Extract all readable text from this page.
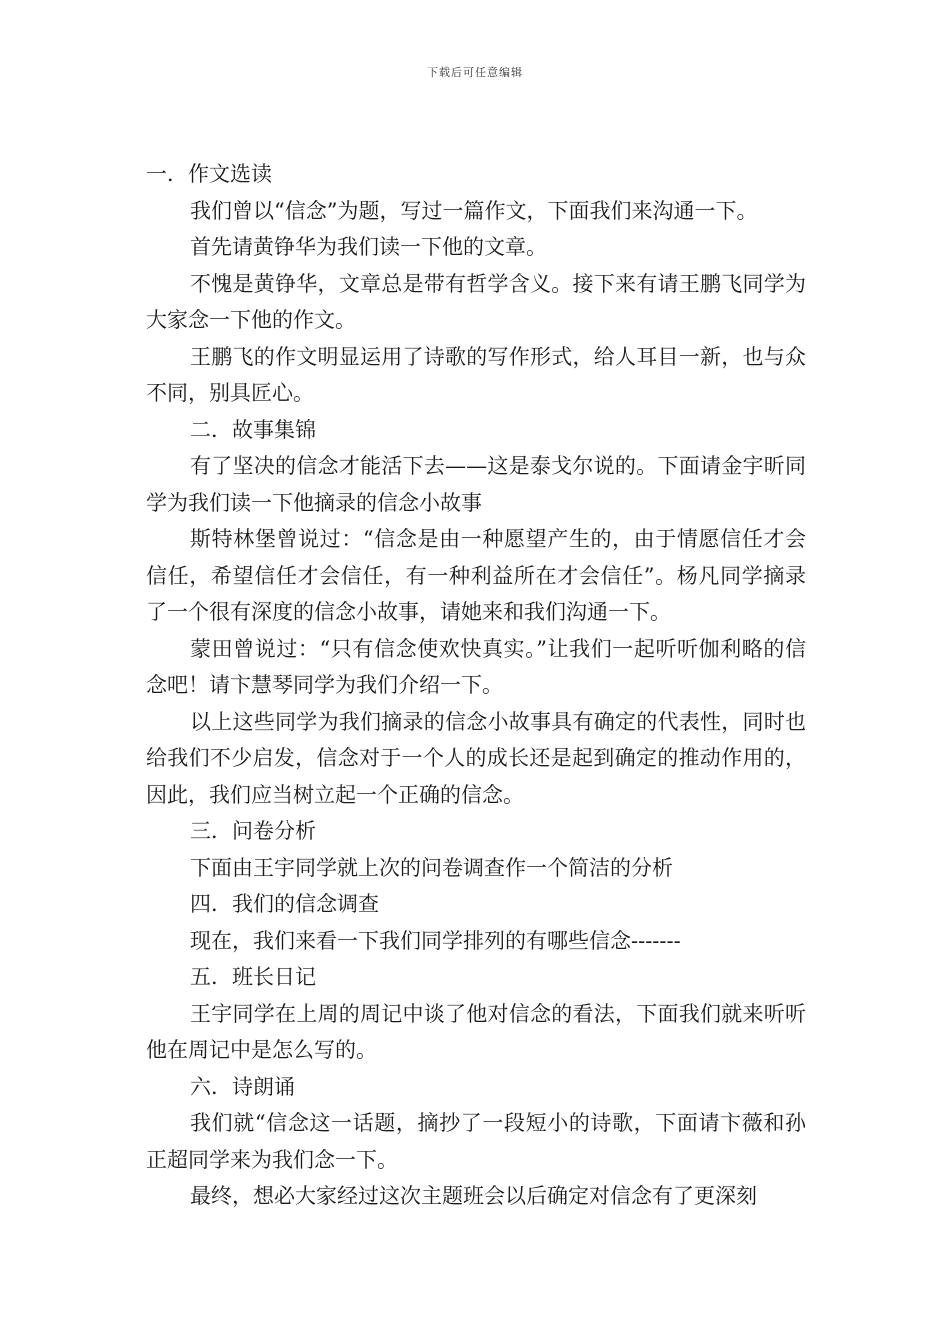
下载后可任意编辑

一．作文选读

我们曾以“信念”为题，写过一篇作文，下面我们来沟通一下。

首先请黄铮华为我们读一下他的文章。

不愧是黄铮华，文章总是带有哲学含义。接下来有请王鹏飞同学为大家念一下他的作文。

王鹏飞的作文明显运用了诗歌的写作形式，给人耳目一新，也与众不同，别具匠心。

二．故事集锦

有了坚决的信念才能活下去——这是泰戈尔说的。下面请金宇昕同学为我们读一下他摘录的信念小故事

斯特林堡曾说过：“信念是由一种愿望产生的，由于情愿信任才会信任，希望信任才会信任，有一种利益所在才会信任”。杨凡同学摘录了一个很有深度的信念小故事，请她来和我们沟通一下。

蒙田曾说过：“只有信念使欢快真实。”让我们一起听听伽利略的信念吧！请卞慧琴同学为我们介绍一下。

以上这些同学为我们摘录的信念小故事具有确定的代表性，同时也给我们不少启发，信念对于一个人的成长还是起到确定的推动作用的，因此，我们应当树立起一个正确的信念。

三．问卷分析

下面由王宇同学就上次的问卷调查作一个简洁的分析

四．我们的信念调查

现在，我们来看一下我们同学排列的有哪些信念-------

五．班长日记

王宇同学在上周的周记中谈了他对信念的看法，下面我们就来听听他在周记中是怎么写的。

六．诗朗诵

我们就“信念这一话题，摘抄了一段短小的诗歌，下面请卞薇和孙正超同学来为我们念一下。

最终，想必大家经过这次主题班会以后确定对信念有了更深刻
